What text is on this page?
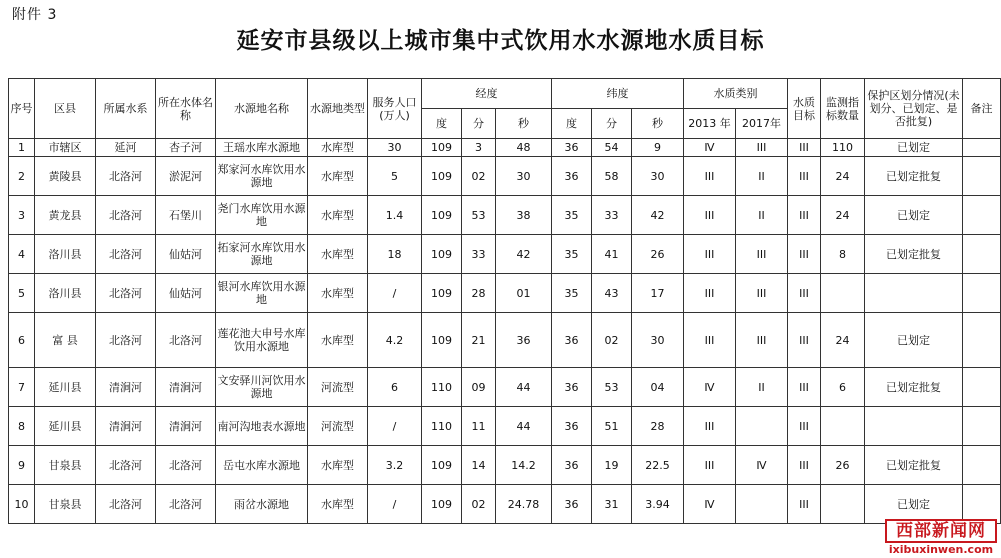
附件 3
延安市县级以上城市集中式饮用水水源地水质目标
序号	区县	所属水系	所在水体名称	水源地名称	水源地类型	服务人口(万人)	经度			纬度			水质类别		水质目标	监测指标数量	保护区划分情况(未划分、已划定、是否批复)	备注
							度	分	秒	度	分	秒	2013 年	2017年				
1	市辖区	延河	杏子河	王瑶水库水源地	水库型	30	109	3	48	36	54	9	Ⅳ	III	III	110	已划定	
2	黄陵县	北洛河	淤泥河	郑家河水库饮用水源地	水库型	5	109	02	30	36	58	30	III	II	III	24	已划定批复	
3	黄龙县	北洛河	石堡川	尧门水库饮用水源地	水库型	1.4	109	53	38	35	33	42	III	II	III	24	已划定	
4	洛川县	北洛河	仙姑河	拓家河水库饮用水源地	水库型	18	109	33	42	35	41	26	III	III	III	8	已划定批复	
5	洛川县	北洛河	仙姑河	银河水库饮用水源地	水库型	/	109	28	01	35	43	17	III	III	III			
6	富 县	北洛河	北洛河	莲花池大申号水库饮用水源地	水库型	4.2	109	21	36	36	02	30	III	III	III	24	已划定	
7	延川县	清涧河	清涧河	文安驿川河饮用水源地	河流型	6	110	09	44	36	53	04	Ⅳ	II	III	6	已划定批复	
8	延川县	清涧河	清涧河	南河沟地表水源地	河流型	/	110	11	44	36	51	28	III		III			
9	甘泉县	北洛河	北洛河	岳屯水库水源地	水库型	3.2	109	14	14.2	36	19	22.5	III	Ⅳ	III	26	已划定批复	
10	甘泉县	北洛河	北洛河	雨岔水源地	水库型	/	109	02	24.78	36	31	3.94	Ⅳ		III		已划定	
西部新闻网
ixibuxinwen.com
